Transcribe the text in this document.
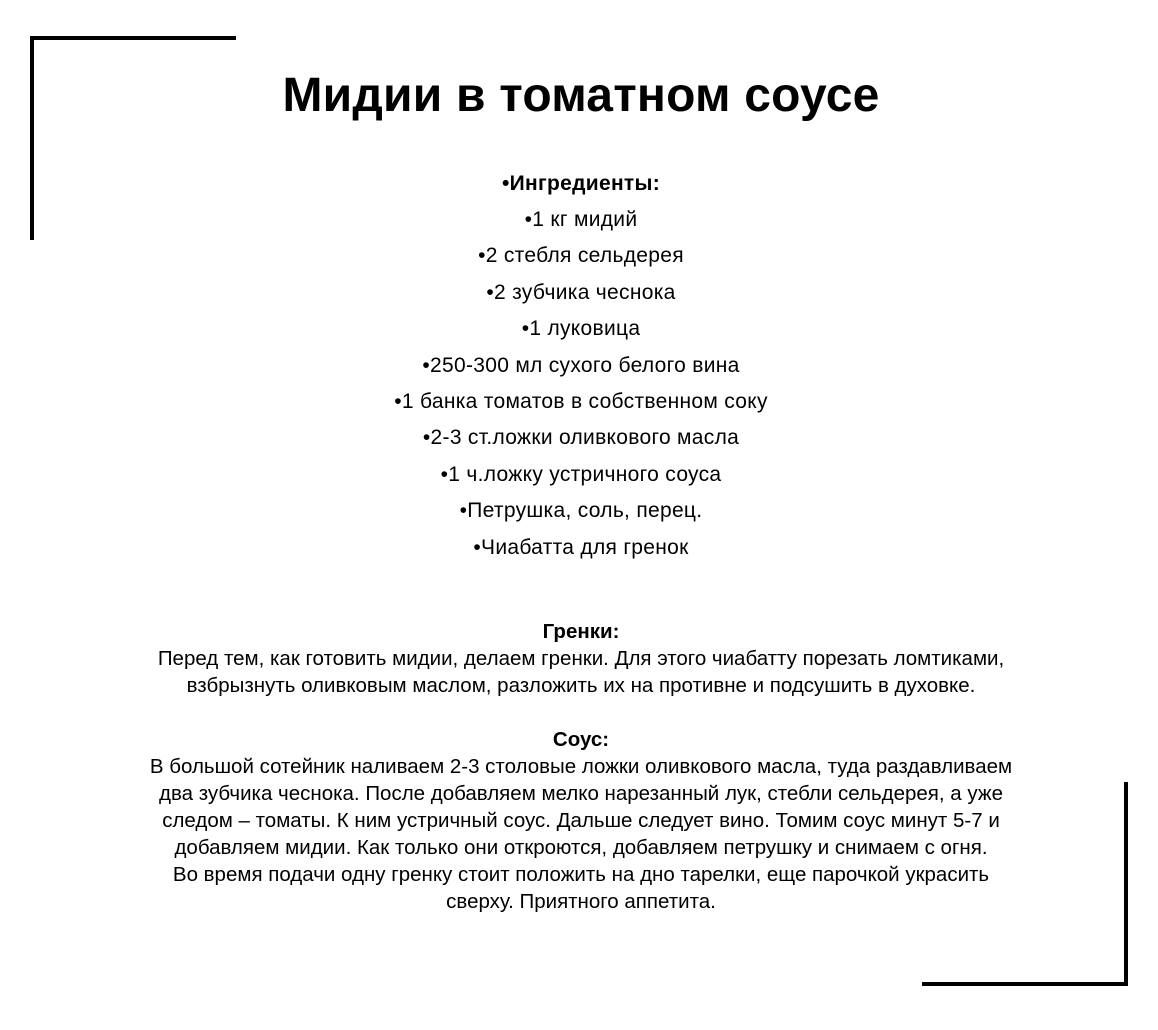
Мидии в томатном соусе
•Ингредиенты:
•1 кг мидий
•2 стебля сельдерея
•2 зубчика чеснока
•1 луковица
•250-300 мл сухого белого вина
•1 банка томатов в собственном соку
•2-3 ст.ложки оливкового масла
•1 ч.ложку устричного соуса
•Петрушка, соль, перец.
•Чиабатта для гренок
Гренки:

Перед тем, как готовить мидии, делаем гренки. Для этого чиабатту порезать ломтиками,

взбрызнуть оливковым маслом, разложить их на противне и подсушить в духовке.

Соус:

В большой сотейник наливаем 2-3 столовые ложки оливкового масла, туда раздавливаем

два зубчика чеснока. После добавляем мелко нарезанный лук, стебли сельдерея, а уже

следом – томаты. К ним устричный соус. Дальше следует вино. Томим соус минут 5-7 и

добавляем мидии. Как только они откроются, добавляем петрушку и снимаем с огня.

Во время подачи одну гренку стоит положить на дно тарелки, еще парочкой украсить

сверху. Приятного аппетита.
